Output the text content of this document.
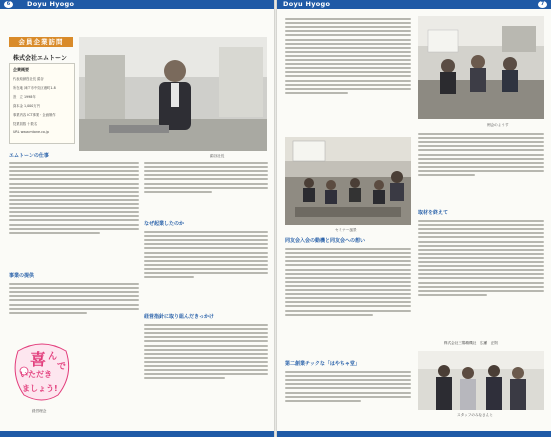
6	Doyu Hyogo
会員企業訪問
株式会社エムトーン
企業概要
代表取締役社長 絹谷
所在地 神戸市中央区港町1-8
設　立 1998年
資本金 1,000万円
事業内容 ICT事業・企画制作
従業員数 十数名
URL www.mtone.co.jp
絹谷社長
エムトーンの仕事
事業の提供
喜 ん
で
いただき
ましょう!
経営理念
なぜ起業したのか
経営指針に取り組んだきっかけ
Doyu Hyogo	7
例会のようす
セミナー風景
同友会入会の動機と同友会への想い
第二創業チックな「はやちゃ堂」
取材を終えて
株式会社三陽精機社　広瀬　正則
スタッフのみなさんと
